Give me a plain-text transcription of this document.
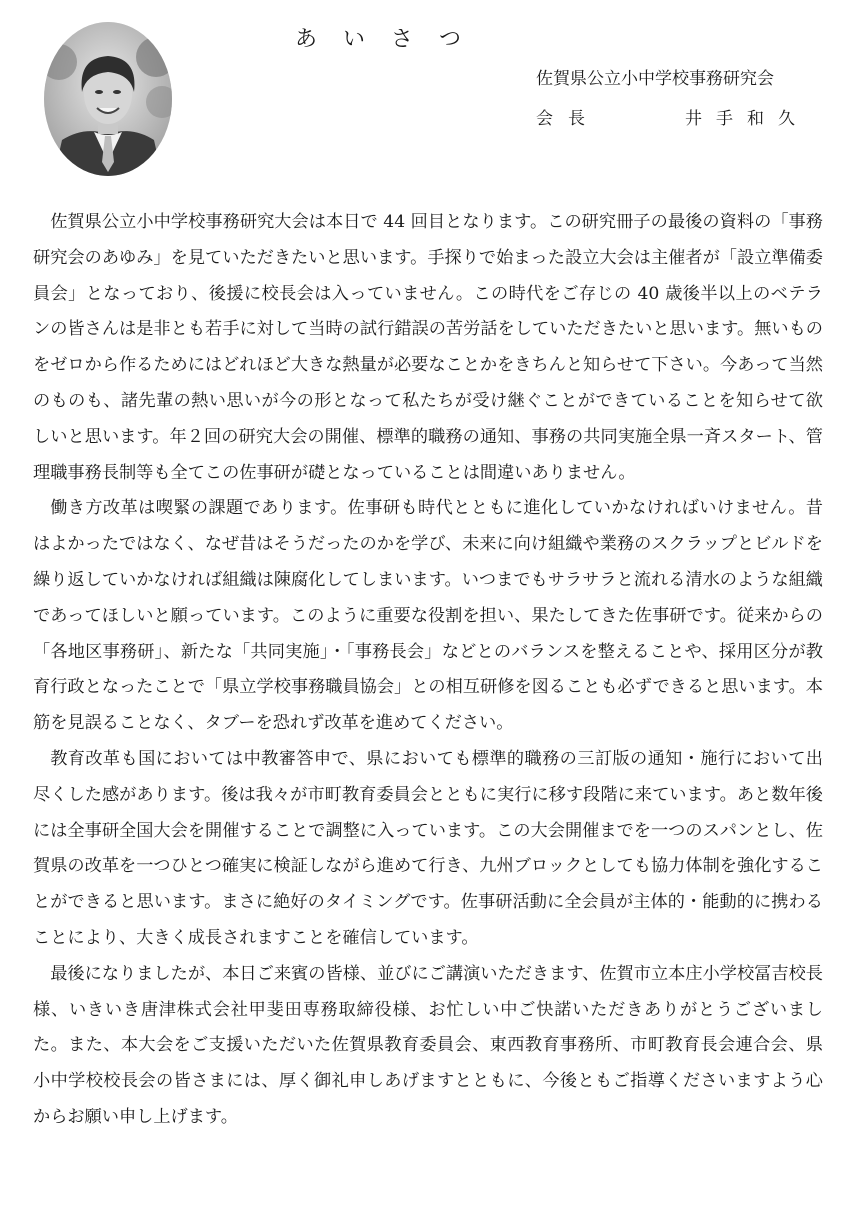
あいさつ
佐賀県公立小中学校事務研究会
会長	井手和久

佐賀県公立小中学校事務研究大会は本日で 44 回目となります。この研究冊子の最後の資料の「事務研究会のあゆみ」を見ていただきたいと思います。手探りで始まった設立大会は主催者が「設立準備委員会」となっており、後援に校長会は入っていません。この時代をご存じの 40 歳後半以上のベテランの皆さんは是非とも若手に対して当時の試行錯誤の苦労話をしていただきたいと思います。無いものをゼロから作るためにはどれほど大きな熱量が必要なことかをきちんと知らせて下さい。今あって当然のものも、諸先輩の熱い思いが今の形となって私たちが受け継ぐことができていることを知らせて欲しいと思います。年２回の研究大会の開催、標準的職務の通知、事務の共同実施全県一斉スタート、管理職事務長制等も全てこの佐事研が礎となっていることは間違いありません。

働き方改革は喫緊の課題であります。佐事研も時代とともに進化していかなければいけません。昔はよかったではなく、なぜ昔はそうだったのかを学び、未来に向け組織や業務のスクラップとビルドを繰り返していかなければ組織は陳腐化してしまいます。いつまでもサラサラと流れる清水のような組織であってほしいと願っています。このように重要な役割を担い、果たしてきた佐事研です。従来からの「各地区事務研」、新たな「共同実施」・「事務長会」などとのバランスを整えることや、採用区分が教育行政となったことで「県立学校事務職員協会」との相互研修を図ることも必ずできると思います。本筋を見誤ることなく、タブーを恐れず改革を進めてください。

教育改革も国においては中教審答申で、県においても標準的職務の三訂版の通知・施行において出尽くした感があります。後は我々が市町教育委員会とともに実行に移す段階に来ています。あと数年後には全事研全国大会を開催することで調整に入っています。この大会開催までを一つのスパンとし、佐賀県の改革を一つひとつ確実に検証しながら進めて行き、九州ブロックとしても協力体制を強化することができると思います。まさに絶好のタイミングです。佐事研活動に全会員が主体的・能動的に携わることにより、大きく成長されますことを確信しています。

最後になりましたが、本日ご来賓の皆様、並びにご講演いただきます、佐賀市立本庄小学校冨吉校長様、いきいき唐津株式会社甲斐田専務取締役様、お忙しい中ご快諾いただきありがとうございました。また、本大会をご支援いただいた佐賀県教育委員会、東西教育事務所、市町教育長会連合会、県小中学校校長会の皆さまには、厚く御礼申しあげますとともに、今後ともご指導くださいますよう心からお願い申し上げます。
